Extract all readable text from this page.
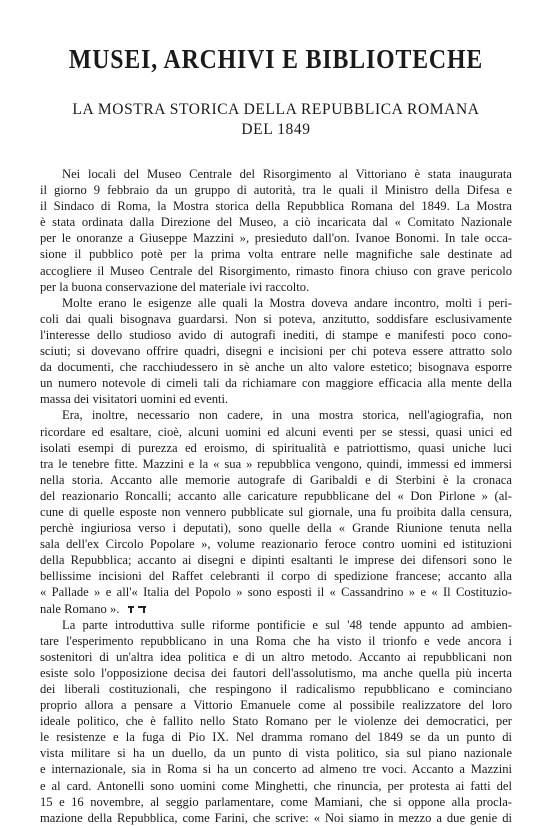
MUSEI, ARCHIVI E BIBLIOTECHE
LA MOSTRA STORICA DELLA REPUBBLICA ROMANA
DEL 1849
Nei locali del Museo Centrale del Risorgimento al Vittoriano è stata inaugurata
il giorno 9 febbraio da un gruppo di autorità, tra le quali il Ministro della Difesa e
il Sindaco di Roma, la Mostra storica della Repubblica Romana del 1849. La Mostra
è stata ordinata dalla Direzione del Museo, a ciò incaricata dal « Comitato Nazionale
per le onoranze a Giuseppe Mazzini », presieduto dall'on. Ivanoe Bonomi. In tale occa-
sione il pubblico potè per la prima volta entrare nelle magnifiche sale destinate ad
accogliere il Museo Centrale del Risorgimento, rimasto finora chiuso con grave pericolo
per la buona conservazione del materiale ivi raccolto.
Molte erano le esigenze alle quali la Mostra doveva andare incontro, molti i peri-
coli dai quali bisognava guardarsi. Non si poteva, anzitutto, soddisfare esclusivamente
l'interesse dello studioso avido di autografi inediti, di stampe e manifesti poco cono-
sciuti; si dovevano offrire quadri, disegni e incisioni per chi poteva essere attratto solo
da documenti, che racchiudessero in sè anche un alto valore estetico; bisognava esporre
un numero notevole di cimeli tali da richiamare con maggiore efficacia alla mente della
massa dei visitatori uomini ed eventi.
Era, inoltre, necessario non cadere, in una mostra storica, nell'agiografia, non
ricordare ed esaltare, cioè, alcuni uomini ed alcuni eventi per se stessi, quasi unici ed
isolati esempi di purezza ed eroismo, di spiritualità e patriottismo, quasi uniche luci
tra le tenebre fitte. Mazzini e la « sua » repubblica vengono, quindi, immessi ed immersi
nella storia. Accanto alle memorie autografe di Garibaldi e di Sterbini è la cronaca
del reazionario Roncalli; accanto alle caricature repubblicane del « Don Pirlone » (al-
cune di quelle esposte non vennero pubblicate sul giornale, una fu proibita dalla censura,
perchè ingiuriosa verso i deputati), sono quelle della « Grande Riunione tenuta nella
sala dell'ex Circolo Popolare », volume reazionario feroce contro uomini ed istituzioni
della Repubblica; accanto ai disegni e dipinti esaltanti le imprese dei difensori sono le
bellissime incisioni del Raffet celebranti il corpo di spedizione francese; accanto alla
« Pallade » e all'« Italia del Popolo » sono esposti il « Cassandrino » e « Il Costituzio-
nale Romano ».
La parte introduttiva sulle riforme pontificie e sul '48 tende appunto ad ambien-
tare l'esperimento repubblicano in una Roma che ha visto il trionfo e vede ancora i
sostenitori di un'altra idea politica e di un altro metodo. Accanto ai repubblicani non
esiste solo l'opposizione decisa dei fautori dell'assolutismo, ma anche quella più incerta
dei liberali costituzionali, che respingono il radicalismo repubblicano e cominciano
proprio allora a pensare a Vittorio Emanuele come al possibile realizzatore del loro
ideale politico, che è fallito nello Stato Romano per le violenze dei democratici, per
le resistenze e la fuga di Pio IX. Nel dramma romano del 1849 se da un punto di
vista militare si ha un duello, da un punto di vista politico, sia sul piano nazionale
e internazionale, sia in Roma si ha un concerto ad almeno tre voci. Accanto a Mazzini
e al card. Antonelli sono uomini come Minghetti, che rinuncia, per protesta ai fatti del
15 e 16 novembre, al seggio parlamentare, come Mamiani, che si oppone alla procla-
mazione della Repubblica, come Farini, che scrive: « Noi siamo in mezzo a due genie di
